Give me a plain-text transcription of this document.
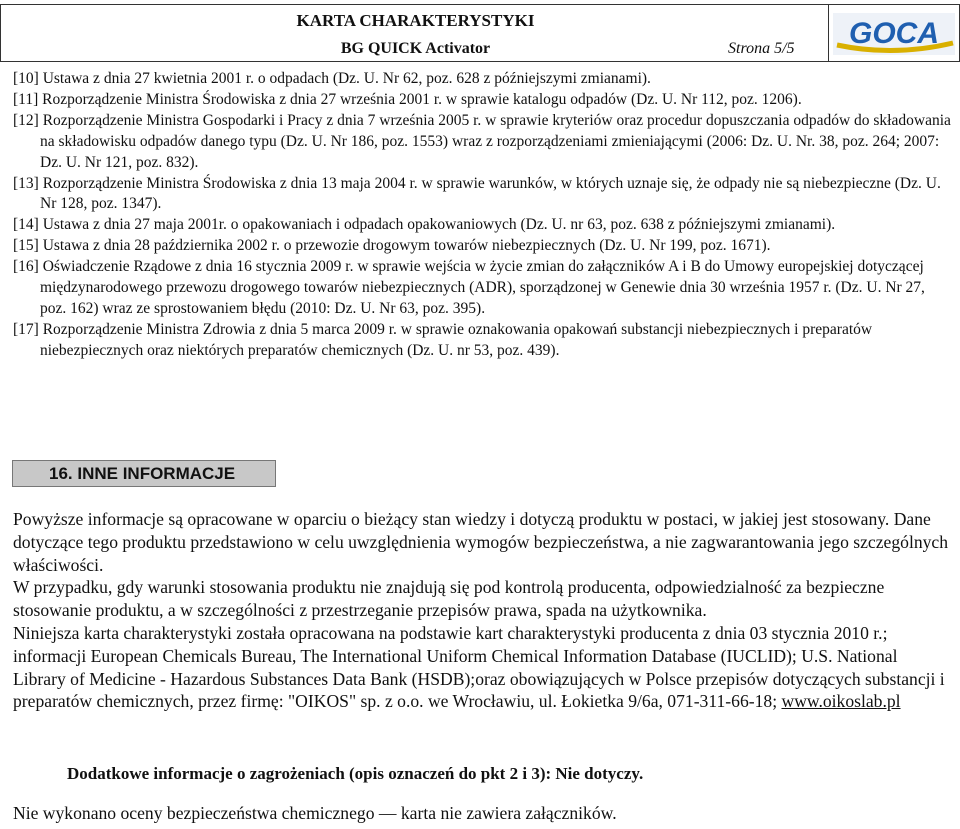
KARTA CHARAKTERYSTYKI
BG QUICK Activator	Strona 5/5 GOCA

[10] Ustawa z dnia 27 kwietnia 2001 r. o odpadach (Dz. U. Nr 62, poz. 628 z późniejszymi zmianami).

[11] Rozporządzenie Ministra Środowiska z dnia 27 września 2001 r. w sprawie katalogu odpadów (Dz. U. Nr 112, poz. 1206).

[12] Rozporządzenie Ministra Gospodarki i Pracy z dnia 7 września 2005 r. w sprawie kryteriów oraz procedur dopuszczania odpadów do składowania na składowisku odpadów danego typu (Dz. U. Nr 186, poz. 1553) wraz z rozporządzeniami zmieniającymi (2006: Dz. U. Nr. 38, poz. 264; 2007: Dz. U. Nr 121, poz. 832).

[13] Rozporządzenie Ministra Środowiska z dnia 13 maja 2004 r. w sprawie warunków, w których uznaje się, że odpady nie są niebezpieczne (Dz. U. Nr 128, poz. 1347).

[14] Ustawa z dnia 27 maja 2001r. o opakowaniach i odpadach opakowaniowych (Dz. U. nr 63, poz. 638 z późniejszymi zmianami).

[15] Ustawa z dnia 28 października 2002 r. o przewozie drogowym towarów niebezpiecznych (Dz. U. Nr 199, poz. 1671).

[16] Oświadczenie Rządowe z dnia 16 stycznia 2009 r. w sprawie wejścia w życie zmian do załączników A i B do Umowy europejskiej dotyczącej międzynarodowego przewozu drogowego towarów niebezpiecznych (ADR), sporządzonej w Genewie dnia 30 września 1957 r. (Dz. U. Nr 27, poz. 162) wraz ze sprostowaniem błędu (2010: Dz. U. Nr 63, poz. 395).

[17] Rozporządzenie Ministra Zdrowia z dnia 5 marca 2009 r. w sprawie oznakowania opakowań substancji niebezpiecznych i preparatów niebezpiecznych oraz niektórych preparatów chemicznych (Dz. U. nr 53, poz. 439).

16. INNE INFORMACJE

Powyższe informacje są opracowane w oparciu o bieżący stan wiedzy i dotyczą produktu w postaci, w jakiej jest stosowany. Dane dotyczące tego produktu przedstawiono w celu uwzględnienia wymogów bezpieczeństwa, a nie zagwarantowania jego szczególnych właściwości.

W przypadku, gdy warunki stosowania produktu nie znajdują się pod kontrolą producenta, odpowiedzialność za bezpieczne stosowanie produktu, a w szczególności z przestrzeganie przepisów prawa, spada na użytkownika.

Niniejsza karta charakterystyki została opracowana na podstawie kart charakterystyki producenta z dnia 03 stycznia 2010 r.; informacji European Chemicals Bureau, The International Uniform Chemical Information Database (IUCLID); U.S. National Library of Medicine - Hazardous Substances Data Bank (HSDB);oraz obowiązujących w Polsce przepisów dotyczących substancji i preparatów chemicznych, przez firmę: "OIKOS" sp. z o.o. we Wrocławiu, ul. Łokietka 9/6a, 071-311-66-18; www.oikoslab.pl

Dodatkowe informacje o zagrożeniach (opis oznaczeń do pkt 2 i 3): Nie dotyczy.
Nie wykonano oceny bezpieczeństwa chemicznego — karta nie zawiera załączników.
